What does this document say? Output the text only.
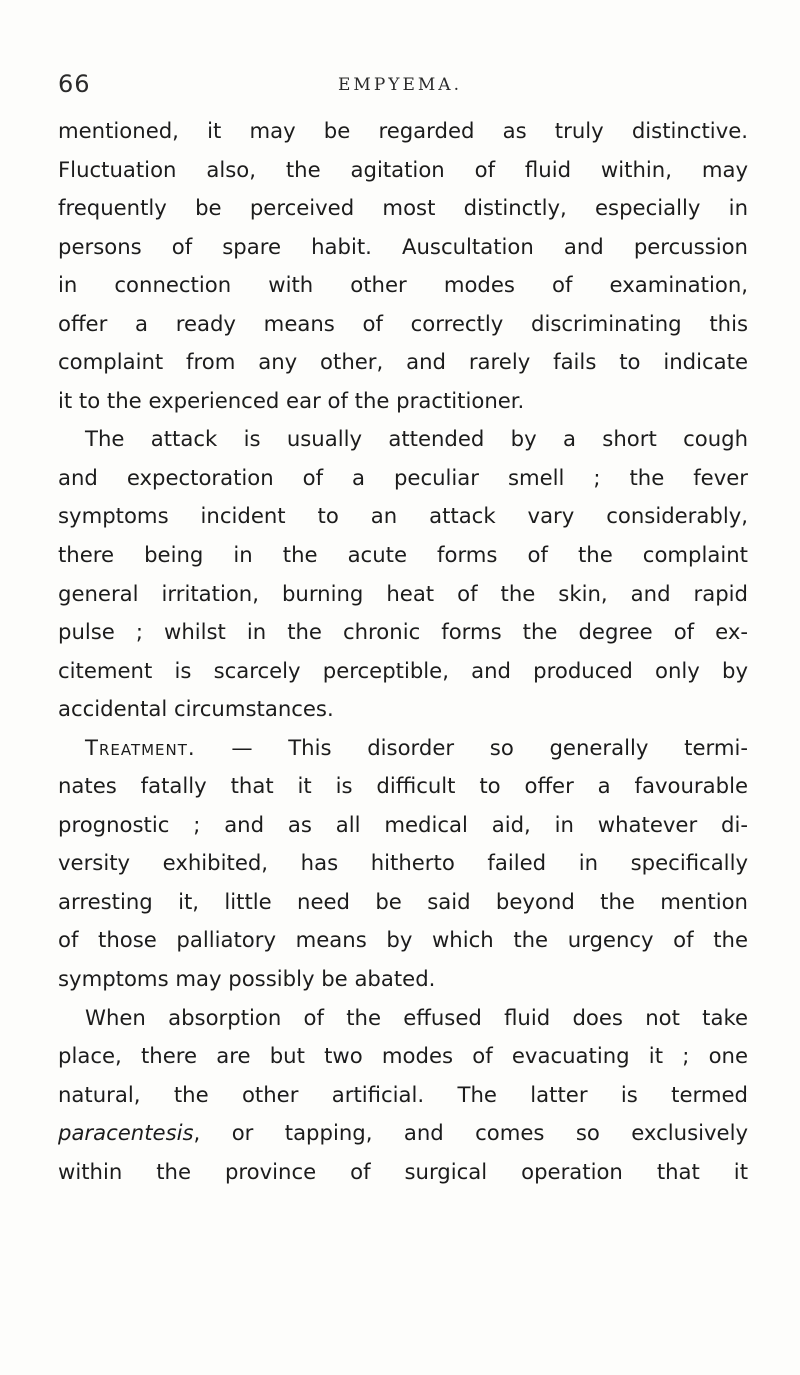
66	EMPYEMA.
mentioned, it may be regarded as truly distinctive.
Fluctuation also, the agitation of fluid within, may
frequently be perceived most distinctly, especially in
persons of spare habit. Auscultation and percussion
in connection with other modes of examination,
offer a ready means of correctly discriminating this
complaint from any other, and rarely fails to indicate
it to the experienced ear of the practitioner.
The attack is usually attended by a short cough
and expectoration of a peculiar smell ; the fever
symptoms incident to an attack vary considerably,
there being in the acute forms of the complaint
general irritation, burning heat of the skin, and rapid
pulse ; whilst in the chronic forms the degree of ex-
citement is scarcely perceptible, and produced only by
accidental circumstances.
Treatment. — This disorder so generally termi-
nates fatally that it is difficult to offer a favourable
prognostic ; and as all medical aid, in whatever di-
versity exhibited, has hitherto failed in specifically
arresting it, little need be said beyond the mention
of those palliatory means by which the urgency of the
symptoms may possibly be abated.
When absorption of the effused fluid does not take
place, there are but two modes of evacuating it ; one
natural, the other artificial. The latter is termed
paracentesis, or tapping, and comes so exclusively
within the province of surgical operation that it
